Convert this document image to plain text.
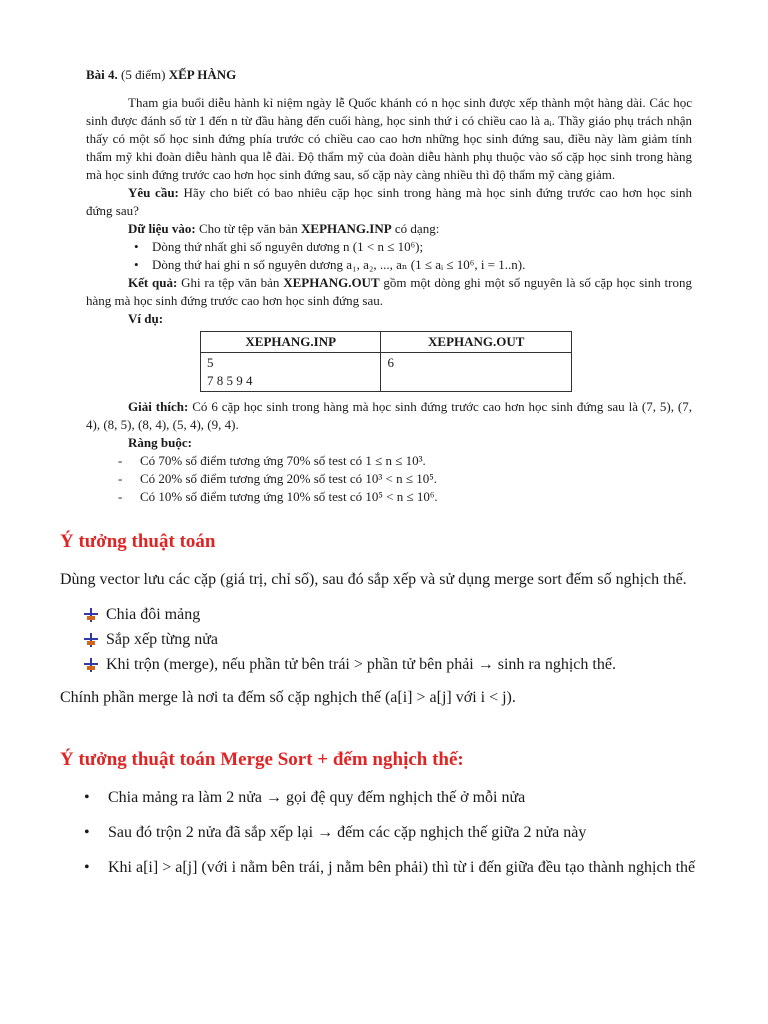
Bài 4. (5 điểm) XẾP HÀNG

Tham gia buổi diễu hành kỉ niệm ngày lễ Quốc khánh có n học sinh được xếp thành một hàng dài. Các học sinh được đánh số từ 1 đến n từ đầu hàng đến cuối hàng, học sinh thứ i có chiều cao là aᵢ. Thầy giáo phụ trách nhận thấy có một số học sinh đứng phía trước có chiều cao cao hơn những học sinh đứng sau, điều này làm giảm tính thẩm mỹ khi đoàn diễu hành qua lễ đài. Độ thẩm mỹ của đoàn diễu hành phụ thuộc vào số cặp học sinh trong hàng mà học sinh đứng trước cao hơn học sinh đứng sau, số cặp này càng nhiều thì độ thẩm mỹ càng giảm.

Yêu cầu: Hãy cho biết có bao nhiêu cặp học sinh trong hàng mà học sinh đứng trước cao hơn học sinh đứng sau?

Dữ liệu vào: Cho từ tệp văn bản XEPHANG.INP có dạng:

• Dòng thứ nhất ghi số nguyên dương n (1 < n ≤ 10⁶);
• Dòng thứ hai ghi n số nguyên dương a₁, a₂, ..., aₙ (1 ≤ aᵢ ≤ 10⁶, i = 1..n).

Kết quả: Ghi ra tệp văn bản XEPHANG.OUT gồm một dòng ghi một số nguyên là số cặp học sinh trong hàng mà học sinh đứng trước cao hơn học sinh đứng sau.

Ví dụ:

XEPHANG.INP	XEPHANG.OUT

5
7 8 5 9 4	6

Giải thích: Có 6 cặp học sinh trong hàng mà học sinh đứng trước cao hơn học sinh đứng sau là (7, 5), (7, 4), (8, 5), (8, 4), (5, 4), (9, 4).

Ràng buộc:

- Có 70% số điểm tương ứng 70% số test có 1 ≤ n ≤ 10³.
- Có 20% số điểm tương ứng 20% số test có 10³ < n ≤ 10⁵.
- Có 10% số điểm tương ứng 10% số test có 10⁵ < n ≤ 10⁶.
Ý tưởng thuật toán

Dùng vector lưu các cặp (giá trị, chỉ số), sau đó sắp xếp và sử dụng merge sort đếm số nghịch thế.

Chia đôi mảng
Sắp xếp từng nửa
Khi trộn (merge), nếu phần tử bên trái > phần tử bên phải → sinh ra nghịch thế.

Chính phần merge là nơi ta đếm số cặp nghịch thế (a[i] > a[j] với i < j).

Ý tưởng thuật toán Merge Sort + đếm nghịch thế:
• Chia mảng ra làm 2 nửa → gọi đệ quy đếm nghịch thế ở mỗi nửa
• Sau đó trộn 2 nửa đã sắp xếp lại → đếm các cặp nghịch thế giữa 2 nửa này
• Khi a[i] > a[j] (với i nằm bên trái, j nằm bên phải) thì từ i đến giữa đều tạo thành nghịch thế
